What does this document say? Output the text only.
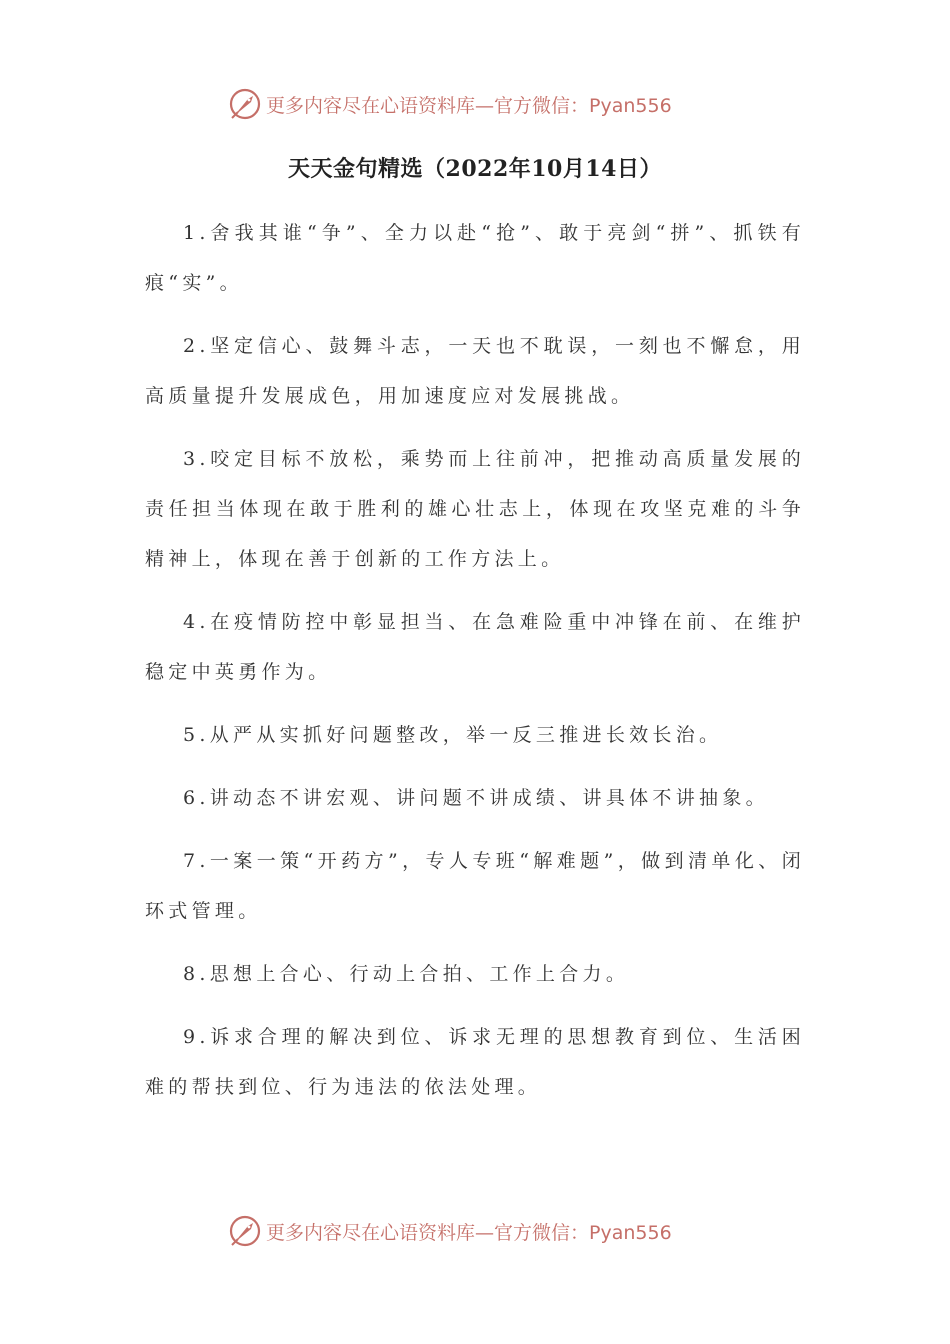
更多内容尽在心语资料库—官方微信：Pyan556
天天金句精选（2022年10月14日）

1.舍我其谁“争”、全力以赴“抢”、敢于亮剑“拼”、抓铁有痕“实”。

2.坚定信心、鼓舞斗志，一天也不耽误，一刻也不懈怠，用高质量提升发展成色，用加速度应对发展挑战。

3.咬定目标不放松，乘势而上往前冲，把推动高质量发展的责任担当体现在敢于胜利的雄心壮志上，体现在攻坚克难的斗争精神上，体现在善于创新的工作方法上。

4.在疫情防控中彰显担当、在急难险重中冲锋在前、在维护稳定中英勇作为。

5.从严从实抓好问题整改，举一反三推进长效长治。

6.讲动态不讲宏观、讲问题不讲成绩、讲具体不讲抽象。

7.一案一策“开药方”，专人专班“解难题”，做到清单化、闭环式管理。

8.思想上合心、行动上合拍、工作上合力。

9.诉求合理的解决到位、诉求无理的思想教育到位、生活困难的帮扶到位、行为违法的依法处理。

更多内容尽在心语资料库—官方微信：Pyan556
